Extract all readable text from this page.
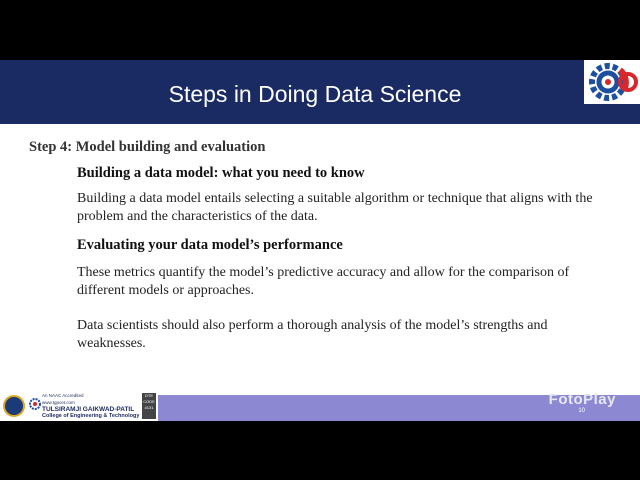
Steps in Doing Data Science
Step 4: Model building and evaluation
Building a data model: what you need to know
Building a data model entails selecting a suitable algorithm or technique that aligns with the problem and the characteristics of the data.
Evaluating your data model’s performance
These metrics quantify the model’s predictive accuracy and allow for the comparison of different models or approaches.
Data scientists should also perform a thorough analysis of the model’s strengths and weaknesses.
An NAAC Accredited
www.tgpcet.com
TULSIRAMJI GAIKWAD-PATIL
College of Engineering & Technology
DTE CODE 4131	FotoPlay
10
